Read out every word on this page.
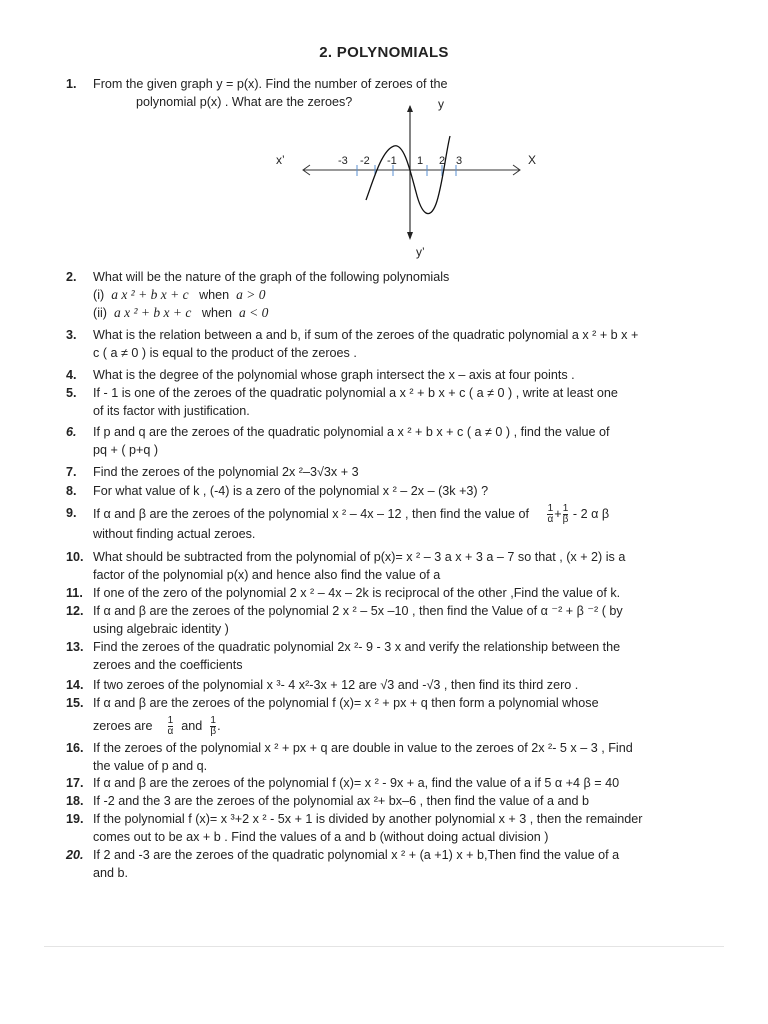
2. POLYNOMIALS
1.	From the given graph y = p(x). Find the number of zeroes of the
polynomial p(x) . What are the zeroes?	y
y’
X
x’	-3 -2 -1 1 2 3
2.	What will be the nature of the graph of the following polynomials
(i) a x ² + b x + c when a > 0
(ii) a x ² + b x + c when a < 0
3.	What is the relation between a and b, if sum of the zeroes of the quadratic polynomial a x ² + b x +
c ( a ≠ 0 ) is equal to the product of the zeroes .
4.	What is the degree of the polynomial whose graph intersect the x – axis at four points .
5.	If - 1 is one of the zeroes of the quadratic polynomial a x ² + b x + c ( a ≠ 0 ) , write at least one
of its factor with justification.
6.	If p and q are the zeroes of the quadratic polynomial a x ² + b x + c ( a ≠ 0 ) , find the value of
pq + ( p+q )
7.	Find the zeroes of the polynomial 2x ²–3√3x + 3
8.	For what value of k , (-4) is a zero of the polynomial x ² – 2x – (3k +3) ?
9.	If α and β are the zeroes of the polynomial x ² – 4x – 12 , then find the value of $\frac{1}{\alpha} + \frac{1}{\beta} - 2$ α β
without finding actual zeroes.
10. What should be subtracted from the polynomial of p(x)= x ² – 3 a x + 3 a – 7 so that , (x + 2) is a
factor of the polynomial p(x) and hence also find the value of a
11. If one of the zero of the polynomial 2 x ² – 4x – 2k is reciprocal of the other ,Find the value of k.
12. If α and β are the zeroes of the polynomial 2 x ² – 5x –10 , then find the Value of α ⁻² + β ⁻² ( by
using algebraic identity )
13. Find the zeroes of the quadratic polynomial 2x ²- 9 - 3 x and verify the relationship between the
zeroes and the coefficients
14. If two zeroes of the polynomial x ³- 4 x²-3x + 12 are √3 and -√3 , then find its third zero .
15. If α and β are the zeroes of the polynomial f (x)= x ² + px + q then form a polynomial whose
zeroes are $\frac{1}{\alpha}$ and $\frac{1}{\beta}$ .
16. If the zeroes of the polynomial x ² + px + q are double in value to the zeroes of 2x ²- 5 x – 3 , Find
the value of p and q.
17. If α and β are the zeroes of the polynomial f (x)= x ² - 9x + a, find the value of a if 5 α +4 β = 40
18. If -2 and the 3 are the zeroes of the polynomial ax ²+ bx–6 , then find the value of a and b
19. If the polynomial f (x)= x ³+2 x ² - 5x + 1 is divided by another polynomial x + 3 , then the remainder
comes out to be ax + b . Find the values of a and b (without doing actual division )
20. If 2 and -3 are the zeroes of the quadratic polynomial x ² + (a +1) x + b,Then find the value of a
and b.
